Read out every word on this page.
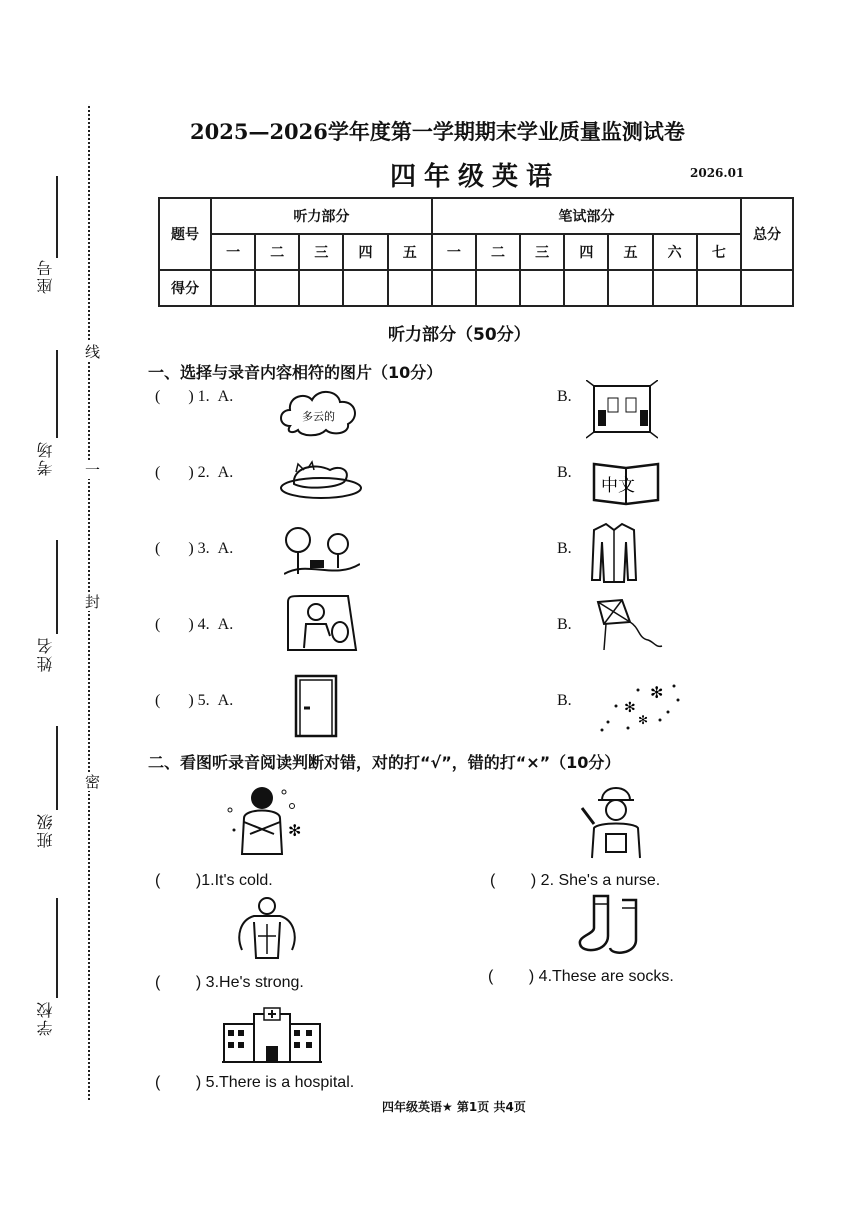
线
一
封
密
座号
考场
姓名
班级
学校
2025—2026学年度第一学期期末学业质量监测试卷
四年级英语	2026.01
题号	听力部分					笔试部分							总分
	一	二	三	四	五	一	二	三	四	五	六	七	
得分													
听力部分（50分）
一、选择与录音内容相符的图片（10分）
(       ) 1. A.
多云的
B.
(       ) 2. A.	B.
中文
(       ) 3. A.	B.
(       ) 4. A.	B.
(       ) 5. A.	B.	✻
✻
✻
二、看图听录音阅读判断对错，对的打“√”，错的打“×”（10分）
✻
(        )1.It's cold.	(        ) 2. She's a nurse.
(        ) 3.He's strong.	(        ) 4.These are socks.
(        ) 5.There is a hospital.
四年级英语★ 第1页 共4页
